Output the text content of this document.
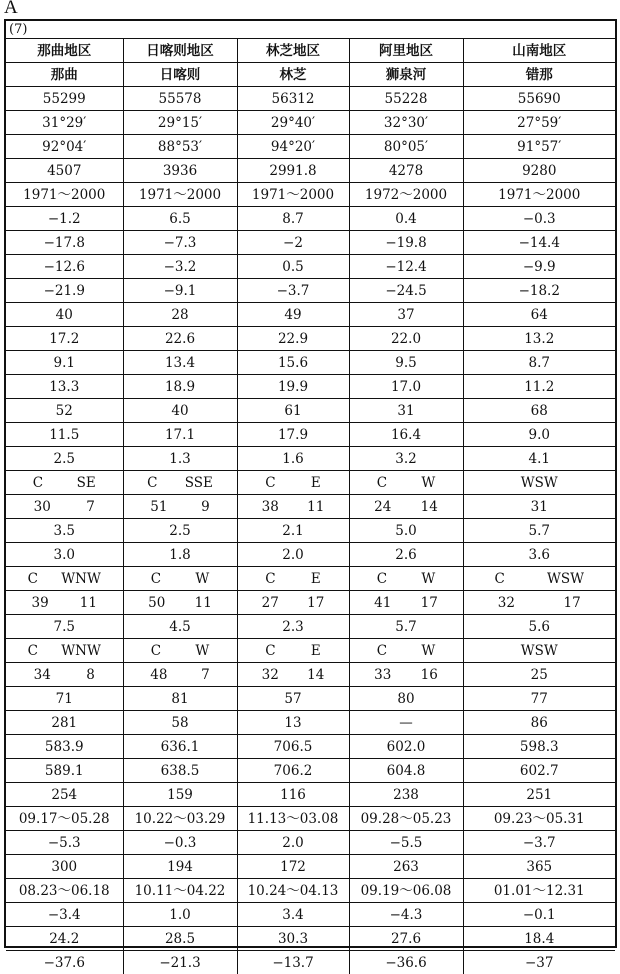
A
(7)
那曲地区	日喀则地区	林芝地区	阿里地区	山南地区
那曲	日喀则	林芝	狮泉河	错那
55299	55578	56312	55228	55690
31°29′	29°15′	29°40′	32°30′	27°59′
92°04′	88°53′	94°20′	80°05′	91°57′
4507	3936	2991.8	4278	9280
1971～2000	1971～2000	1971～2000	1972～2000	1971～2000
−1.2	6.5	8.7	0.4	−0.3
−17.8	−7.3	−2	−19.8	−14.4
−12.6	−3.2	0.5	−12.4	−9.9
−21.9	−9.1	−3.7	−24.5	−18.2
40	28	49	37	64
17.2	22.6	22.9	22.0	13.2
9.1	13.4	15.6	9.5	8.7
13.3	18.9	19.9	17.0	11.2
52	40	61	31	68
11.5	17.1	17.9	16.4	9.0
2.5	1.3	1.6	3.2	4.1

C SE	C SSE	C E	C W	WSW

30 7	51 9	38 11	24 14	31
3.5	2.5	2.1	5.0	5.7
3.0	1.8	2.0	2.6	3.6

C WNW	C W	C E	C W	C WSW

39 11	50 11	27 17	41 17	32 17

7.5	4.5	2.3	5.7	5.6

C WNW	C W	C E	C W	WSW

34 8	48 7	32 14	33 16	25
71	81	57	80	77
281	58	13	—	86
583.9	636.1	706.5	602.0	598.3
589.1	638.5	706.2	604.8	602.7
254	159	116	238	251
09.17～05.28	10.22～03.29	11.13～03.08	09.28～05.23	09.23～05.31
−5.3	−0.3	2.0	−5.5	−3.7
300	194	172	263	365
08.23～06.18	10.11～04.22	10.24～04.13	09.19～06.08	01.01～12.31
−3.4	1.0	3.4	−4.3	−0.1
24.2	28.5	30.3	27.6	18.4
−37.6	−21.3	−13.7	−36.6	−37
